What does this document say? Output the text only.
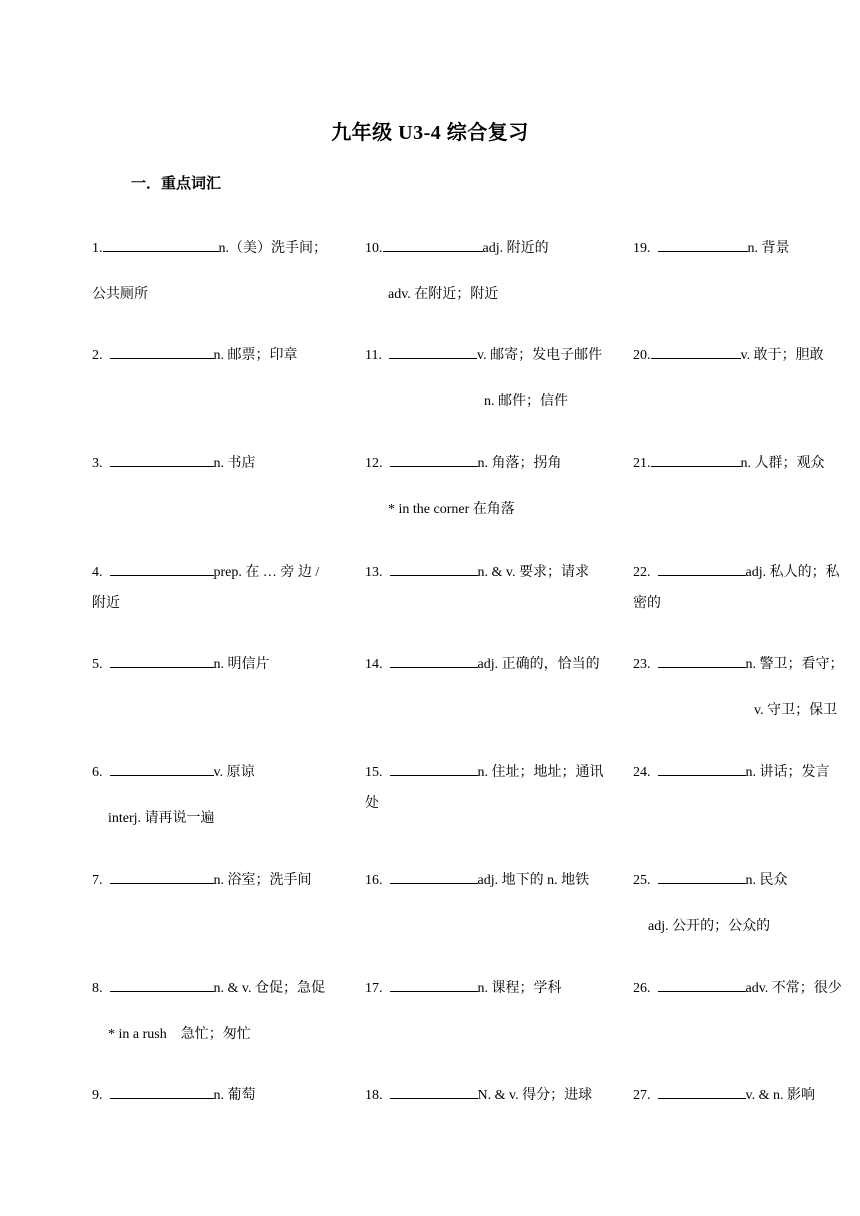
九年级 U3-4 综合复习
一．重点词汇
1.	n.（美）洗手间；
公共厕所
2.	n. 邮票；印章
3.	n. 书店
4.	prep. 在 … 旁 边 /
附近
5.	n. 明信片
6.	v. 原谅
interj. 请再说一遍
7.	n. 浴室；洗手间
8.	n. & v. 仓促；急促
* in a rush    急忙；匆忙
9.	n. 葡萄
10.	adj. 附近的
adv. 在附近；附近
11.	v. 邮寄；发电子邮件
n. 邮件；信件
12.	n. 角落；拐角
* in the corner 在角落
13.	n. & v. 要求；请求
14.	adj. 正确的，恰当的
15.	n. 住址；地址；通讯
处
16.	adj. 地下的 n. 地铁
17.	n. 课程；学科
18.	N. & v. 得分；进球
19.	n. 背景
20.	v. 敢于；胆敢
21.	n. 人群；观众
22.	adj. 私人的；私
密的
23.	n. 警卫；看守；
v. 守卫；保卫
24.	n. 讲话；发言
25.	n. 民众
adj. 公开的；公众的
26.	adv. 不常；很少
27.	v. & n. 影响
